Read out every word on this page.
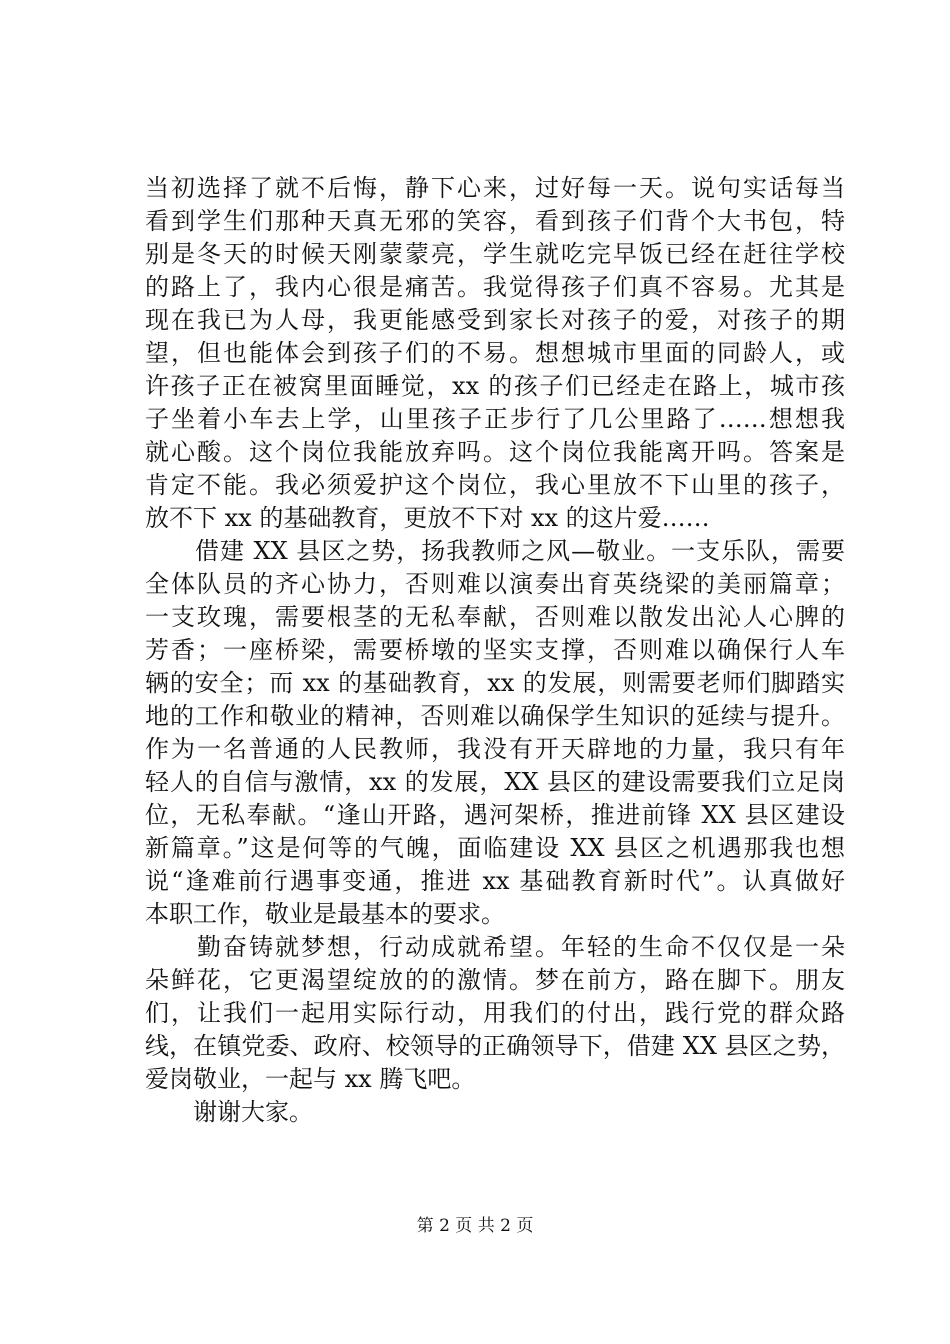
当初选择了就不后悔，静下心来，过好每一天。说句实话每当
看到学生们那种天真无邪的笑容，看到孩子们背个大书包，特
别是冬天的时候天刚蒙蒙亮，学生就吃完早饭已经在赶往学校
的路上了，我内心很是痛苦。我觉得孩子们真不容易。尤其是
现在我已为人母，我更能感受到家长对孩子的爱，对孩子的期
望，但也能体会到孩子们的不易。想想城市里面的同龄人，或
许孩子正在被窝里面睡觉，xx 的孩子们已经走在路上，城市孩
子坐着小车去上学，山里孩子正步行了几公里路了……想想我
就心酸。这个岗位我能放弃吗。这个岗位我能离开吗。答案是
肯定不能。我必须爱护这个岗位，我心里放不下山里的孩子，
放不下 xx 的基础教育，更放不下对 xx 的这片爱……
　　借建 XX 县区之势，扬我教师之风—敬业。一支乐队，需要
全体队员的齐心协力，否则难以演奏出育英绕梁的美丽篇章；
一支玫瑰，需要根茎的无私奉献，否则难以散发出沁人心脾的
芳香；一座桥梁，需要桥墩的坚实支撑，否则难以确保行人车
辆的安全；而 xx 的基础教育，xx 的发展，则需要老师们脚踏实
地的工作和敬业的精神，否则难以确保学生知识的延续与提升。
作为一名普通的人民教师，我没有开天辟地的力量，我只有年
轻人的自信与激情，xx 的发展，XX 县区的建设需要我们立足岗
位，无私奉献。“逢山开路，遇河架桥，推进前锋 XX 县区建设
新篇章。”这是何等的气魄，面临建设 XX 县区之机遇那我也想
说“逢难前行遇事变通，推进 xx 基础教育新时代”。认真做好
本职工作，敬业是最基本的要求。
　　勤奋铸就梦想，行动成就希望。年轻的生命不仅仅是一朵
朵鲜花，它更渴望绽放的的激情。梦在前方，路在脚下。朋友
们，让我们一起用实际行动，用我们的付出，践行党的群众路
线，在镇党委、政府、校领导的正确领导下，借建 XX 县区之势，
爱岗敬业，一起与 xx 腾飞吧。
　　谢谢大家。
第 2 页 共 2 页
